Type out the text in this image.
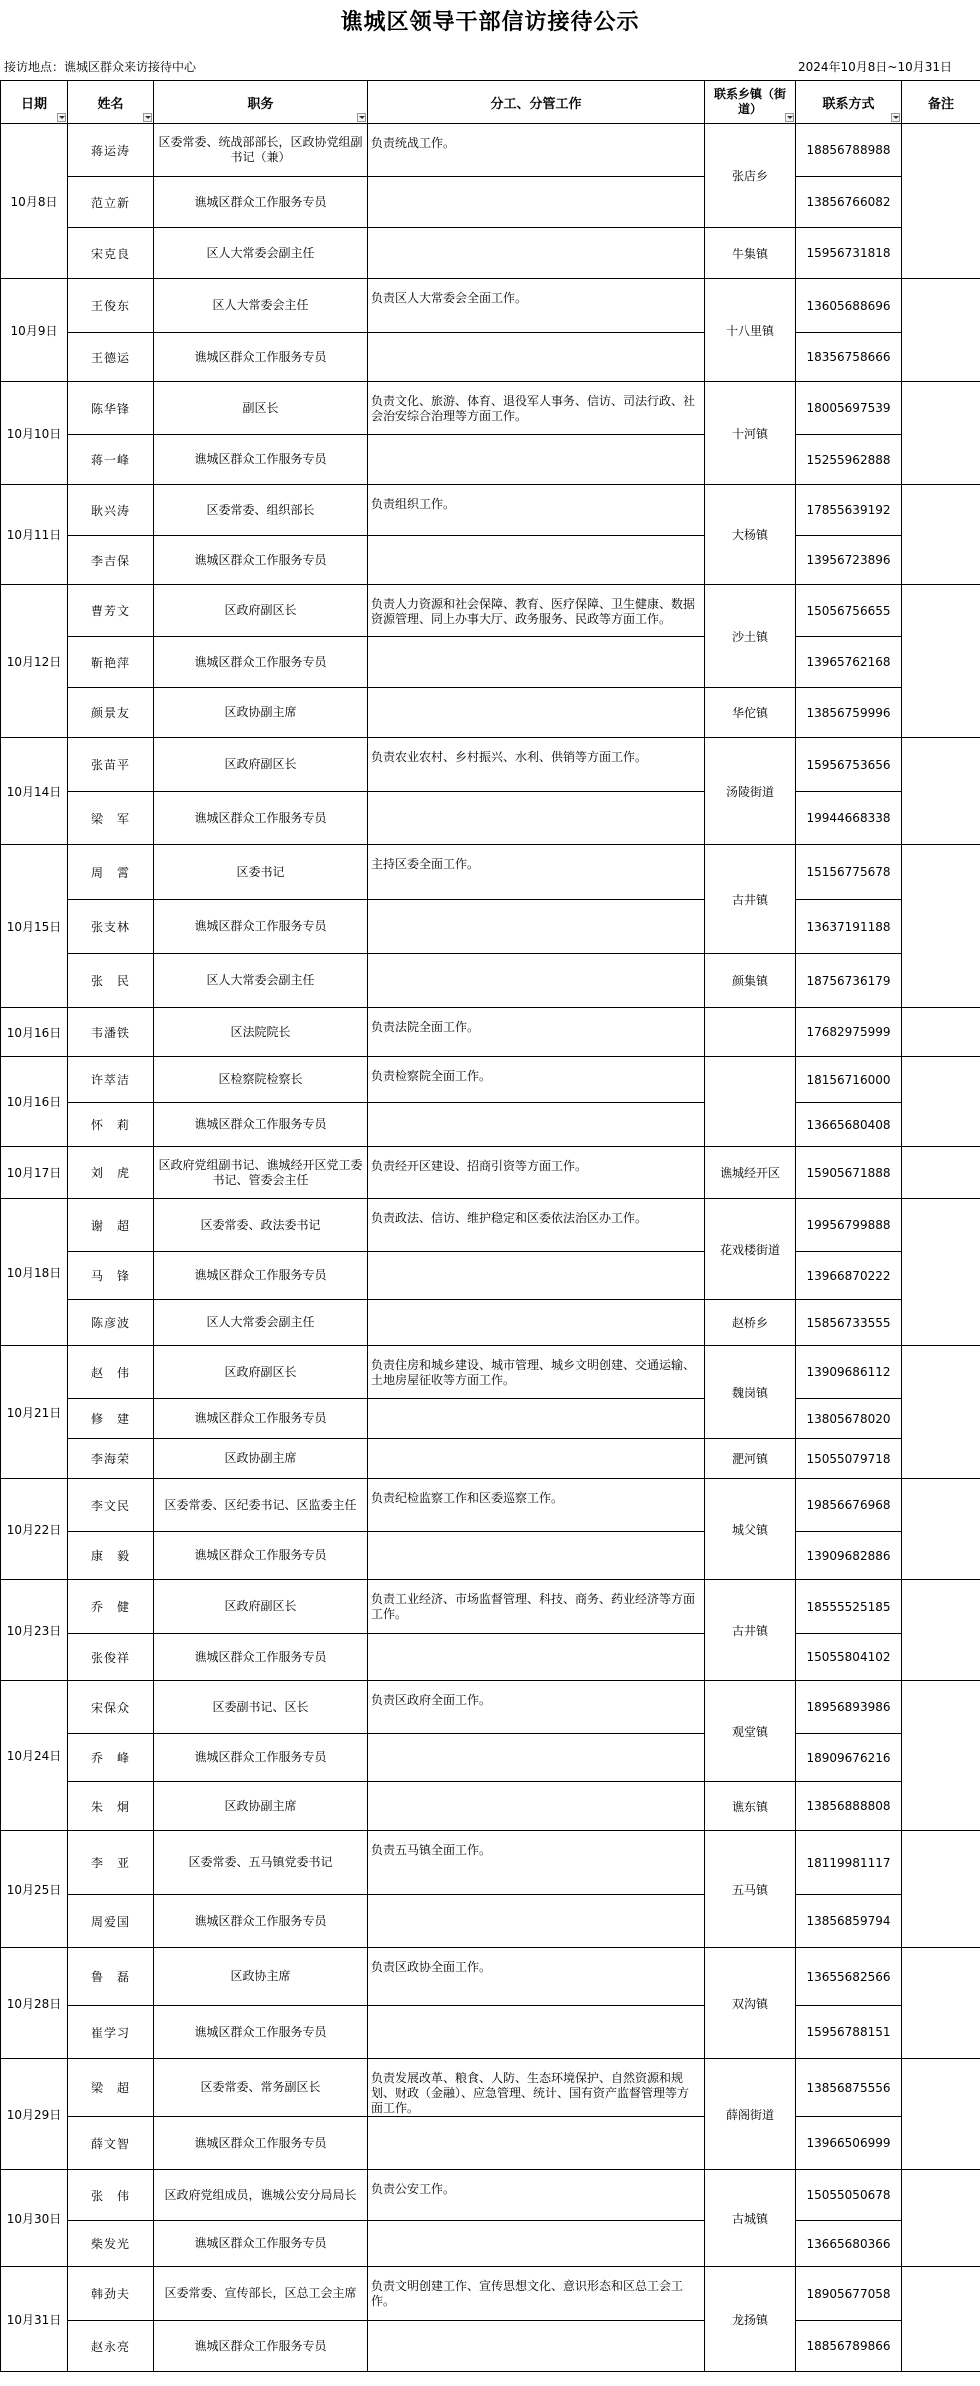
谯城区领导干部信访接待公示
接访地点：谯城区群众来访接待中心	2024年10月8日~10月31日
日期	姓名	职务	分工、分管工作	联系乡镇（街道）	联系方式	备注
10月8日	蒋运涛	区委常委、统战部部长，区政协党组副书记（兼）	负责统战工作。	张店乡	18856788988	
	范立新	谯城区群众工作服务专员			13856766082	
	宋克良	区人大常委会副主任		牛集镇	15956731818	
10月9日	王俊东	区人大常委会主任	负责区人大常委会全面工作。	十八里镇	13605688696	
	王德运	谯城区群众工作服务专员			18356758666	
10月10日	陈华锋	副区长	负责文化、旅游、体育、退役军人事务、信访、司法行政、社会治安综合治理等方面工作。	十河镇	18005697539	
	蒋一峰	谯城区群众工作服务专员			15255962888	
10月11日	耿兴涛	区委常委、组织部长	负责组织工作。	大杨镇	17855639192	
	李吉保	谯城区群众工作服务专员			13956723896	
10月12日	曹芳文	区政府副区长	负责人力资源和社会保障、教育、医疗保障、卫生健康、数据资源管理、同上办事大厅、政务服务、民政等方面工作。	沙土镇	15056756655	
	靳艳萍	谯城区群众工作服务专员			13965762168	
	颜景友	区政协副主席		华佗镇	13856759996	
10月14日	张苗平	区政府副区长	负责农业农村、乡村振兴、水利、供销等方面工作。	汤陵街道	15956753656	
	梁　军	谯城区群众工作服务专员			19944668338	
10月15日	周　霄	区委书记	主持区委全面工作。	古井镇	15156775678	
	张支林	谯城区群众工作服务专员			13637191188	
	张　民	区人大常委会副主任		颜集镇	18756736179	
10月16日	韦潘铁	区法院院长	负责法院全面工作。		17682975999	
10月16日	许萃洁	区检察院检察长	负责检察院全面工作。		18156716000	
	怀　莉	谯城区群众工作服务专员			13665680408	
10月17日	刘　虎	区政府党组副书记、谯城经开区党工委书记、管委会主任	负责经开区建设、招商引资等方面工作。	谯城经开区	15905671888	
10月18日	谢　超	区委常委、政法委书记	负责政法、信访、维护稳定和区委依法治区办工作。	花戏楼街道	19956799888	
	马　锋	谯城区群众工作服务专员			13966870222	
	陈彦波	区人大常委会副主任		赵桥乡	15856733555	
10月21日	赵　伟	区政府副区长	负责住房和城乡建设、城市管理、城乡文明创建、交通运输、土地房屋征收等方面工作。	魏岗镇	13909686112	
	修　建	谯城区群众工作服务专员			13805678020	
	李海荣	区政协副主席		淝河镇	15055079718	
10月22日	李文民	区委常委、区纪委书记、区监委主任	负责纪检监察工作和区委巡察工作。	城父镇	19856676968	
	康　毅	谯城区群众工作服务专员			13909682886	
10月23日	乔　健	区政府副区长	负责工业经济、市场监督管理、科技、商务、药业经济等方面工作。	古井镇	18555525185	
	张俊祥	谯城区群众工作服务专员			15055804102	
10月24日	宋保众	区委副书记、区长	负责区政府全面工作。	观堂镇	18956893986	
	乔　峰	谯城区群众工作服务专员			18909676216	
	朱　炯	区政协副主席		谯东镇	13856888808	
10月25日	李　亚	区委常委、五马镇党委书记	负责五马镇全面工作。	五马镇	18119981117	
	周爱国	谯城区群众工作服务专员			13856859794	
10月28日	鲁　磊	区政协主席	负责区政协全面工作。	双沟镇	13655682566	
	崔学习	谯城区群众工作服务专员			15956788151	
10月29日	梁　超	区委常委、常务副区长	负责发展改革、粮食、人防、生态环境保护、自然资源和规划、财政（金融）、应急管理、统计、国有资产监督管理等方面工作。	薛阁街道	13856875556	
	薛文智	谯城区群众工作服务专员			13966506999	
10月30日	张　伟	区政府党组成员，谯城公安分局局长	负责公安工作。	古城镇	15055050678	
	柴发光	谯城区群众工作服务专员			13665680366	
10月31日	韩劲夫	区委常委、宣传部长，区总工会主席	负责文明创建工作、宣传思想文化、意识形态和区总工会工作。	龙扬镇	18905677058	
	赵永亮	谯城区群众工作服务专员			18856789866	
